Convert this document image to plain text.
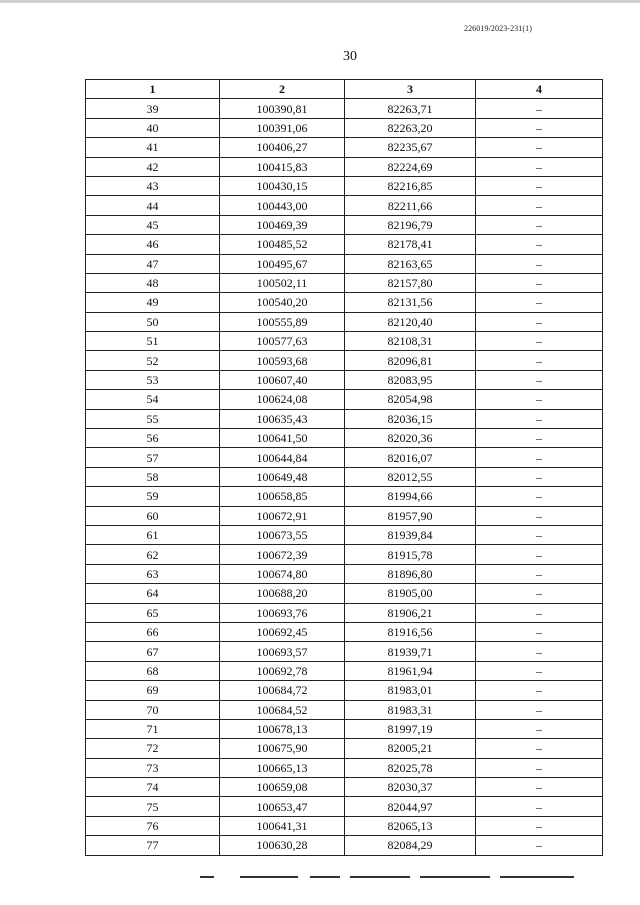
226019/2023-231(1)
30
1	2	3	4
39	100390,81	82263,71	–
40	100391,06	82263,20	–
41	100406,27	82235,67	–
42	100415,83	82224,69	–
43	100430,15	82216,85	–
44	100443,00	82211,66	–
45	100469,39	82196,79	–
46	100485,52	82178,41	–
47	100495,67	82163,65	–
48	100502,11	82157,80	–
49	100540,20	82131,56	–
50	100555,89	82120,40	–
51	100577,63	82108,31	–
52	100593,68	82096,81	–
53	100607,40	82083,95	–
54	100624,08	82054,98	–
55	100635,43	82036,15	–
56	100641,50	82020,36	–
57	100644,84	82016,07	–
58	100649,48	82012,55	–
59	100658,85	81994,66	–
60	100672,91	81957,90	–
61	100673,55	81939,84	–
62	100672,39	81915,78	–
63	100674,80	81896,80	–
64	100688,20	81905,00	–
65	100693,76	81906,21	–
66	100692,45	81916,56	–
67	100693,57	81939,71	–
68	100692,78	81961,94	–
69	100684,72	81983,01	–
70	100684,52	81983,31	–
71	100678,13	81997,19	–
72	100675,90	82005,21	–
73	100665,13	82025,78	–
74	100659,08	82030,37	–
75	100653,47	82044,97	–
76	100641,31	82065,13	–
77	100630,28	82084,29	–
